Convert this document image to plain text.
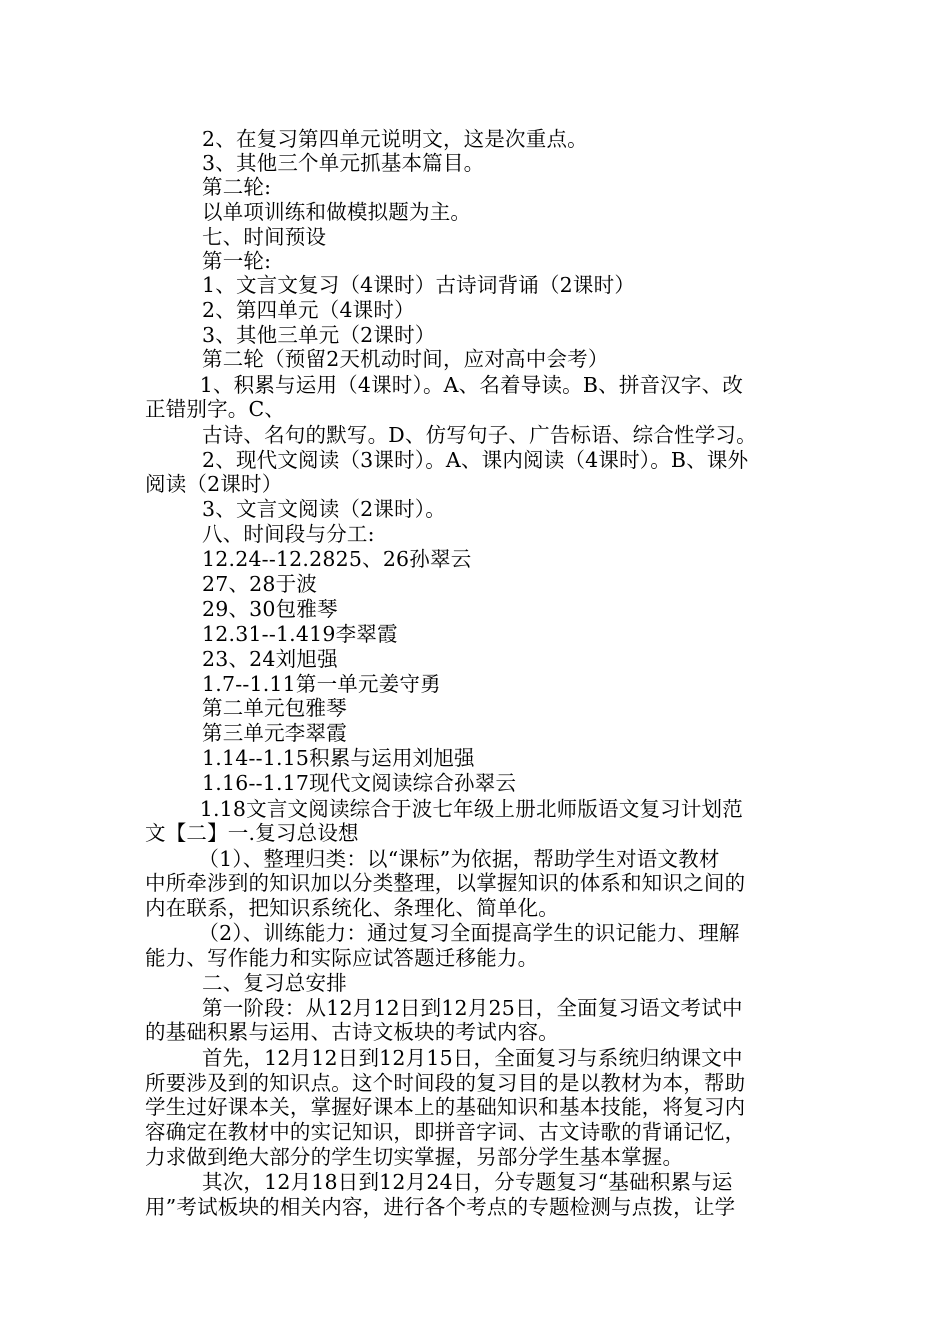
2、在复习第四单元说明文，这是次重点。
3、其他三个单元抓基本篇目。
第二轮:
以单项训练和做模拟题为主。
七、时间预设
第一轮:
1、文言文复习（4课时）古诗词背诵（2课时）
2、第四单元（4课时）
3、其他三单元（2课时）
第二轮（预留2天机动时间，应对高中会考）
1、积累与运用（4课时）。A、名着导读。B、拼音汉字、改
正错别字。C、
古诗、名句的默写。D、仿写句子、广告标语、综合性学习。
2、现代文阅读（3课时）。A、课内阅读（4课时）。B、课外
阅读（2课时）
3、文言文阅读（2课时）。
八、时间段与分工:
12.24--12.2825、26孙翠云
27、28于波
29、30包雅琴
12.31--1.419李翠霞
23、24刘旭强
1.7--1.11第一单元姜守勇
第二单元包雅琴
第三单元李翠霞
1.14--1.15积累与运用刘旭强
1.16--1.17现代文阅读综合孙翠云
1.18文言文阅读综合于波七年级上册北师版语文复习计划范
文【二】一.复习总设想
（1）、整理归类：以“课标”为依据，帮助学生对语文教材
中所牵涉到的知识加以分类整理，以掌握知识的体系和知识之间的
内在联系，把知识系统化、条理化、简单化。
（2）、训练能力：通过复习全面提高学生的识记能力、理解
能力、写作能力和实际应试答题迁移能力。
二、复习总安排
第一阶段：从12月12日到12月25日，全面复习语文考试中
的基础积累与运用、古诗文板块的考试内容。
首先，12月12日到12月15日，全面复习与系统归纳课文中
所要涉及到的知识点。这个时间段的复习目的是以教材为本，帮助
学生过好课本关，掌握好课本上的基础知识和基本技能，将复习内
容确定在教材中的实记知识，即拼音字词、古文诗歌的背诵记忆，
力求做到绝大部分的学生切实掌握，另部分学生基本掌握。
其次，12月18日到12月24日，分专题复习“基础积累与运
用”考试板块的相关内容，进行各个考点的专题检测与点拨，让学
